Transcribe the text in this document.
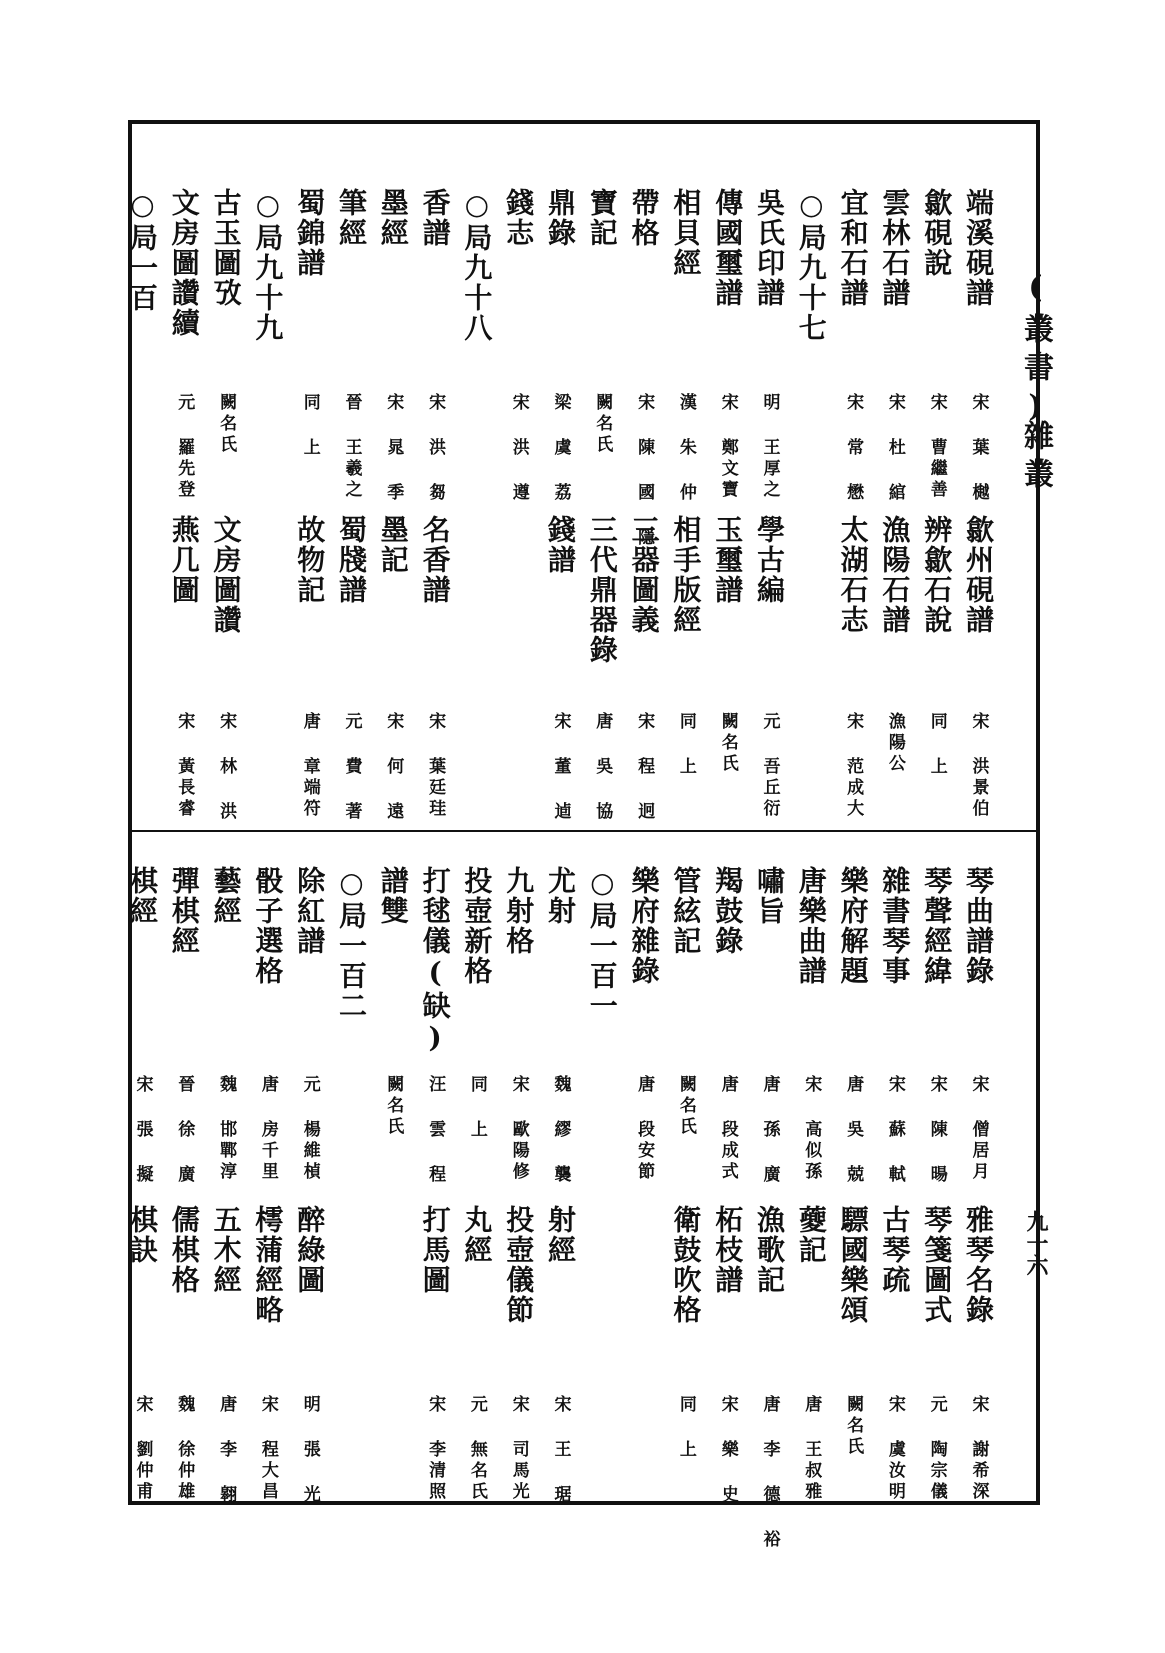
(叢書)
雜叢
九一六
端溪硯譜
歙硯說
雲林石譜
宜和石譜
○局九十七
吳氏印譜
傳國璽譜
相貝經
帶格
寶記
鼎錄
錢志
○局九十八
香譜
墨經
筆經
蜀錦譜
○局九十九
古玉圖攷
文房圖讚續
○局一百
宋 葉 樾
宋 曹繼善
宋 杜 綰
宋 常 懋
明 王厚之
宋 鄭文寶
漢 朱 仲
宋 陳 國 隱
闕名氏
梁 虞 荔
宋 洪 遵
宋 洪 芻
宋 晁 季
晉 王羲之
同 上
闕名氏
元 羅先登
歙州硯譜
辨歙石說
漁陽石譜
太湖石志
學古編
玉璽譜
相手版經
三器圖義
三代鼎器錄
錢譜
名香譜
墨記
蜀牋譜
故物記
文房圖讚
燕几圖
宋 洪景伯
同 上
漁陽公
宋 范成大
元 吾丘衍
闕名氏
同 上
宋 程 迥
唐 吳 協
宋 董 逌
宋 葉廷珪
宋 何 遠
元 費 著
唐 章端符
宋 林 洪
宋 黃長睿
琴曲譜錄
琴聲經緯
雜書琴事
樂府解題
唐樂曲譜
嘯旨
羯鼓錄
管絃記
樂府雜錄
○局一百一
尤射
九射格
投壺新格
打毬儀(缺)
譜雙
○局一百二
除紅譜
骰子選格
藝經
彈棋經
棋經
宋 僧居月
宋 陳 暘
宋 蘇 軾
唐 吳 兢
宋 高似孫
唐 孫 廣
唐 段成式
闕名氏
唐 段安節
魏 繆 襲
宋 歐陽修
同 上
汪 雲 程
闕名氏
元 楊維楨
唐 房千里
魏 邯鄲淳
晉 徐 廣
宋 張 擬
雅琴名錄
琴箋圖式
古琴疏
驃國樂頌
䕫記
漁歌記
柘枝譜
衛鼓吹格
射經
投壺儀節
丸經
打馬圖
醉綠圖
樗蒲經略
五木經
儒棋格
棋訣
宋 謝希深
元 陶宗儀
宋 虞汝明
闕名氏
唐 王叔雅
唐 李 德 裕
宋 樂 史
同 上
宋 王 琚
宋 司馬光
元 無名氏
宋 李清照
明 張 光
宋 程大昌
唐 李 翱
魏 徐仲雄
宋 劉仲甫
